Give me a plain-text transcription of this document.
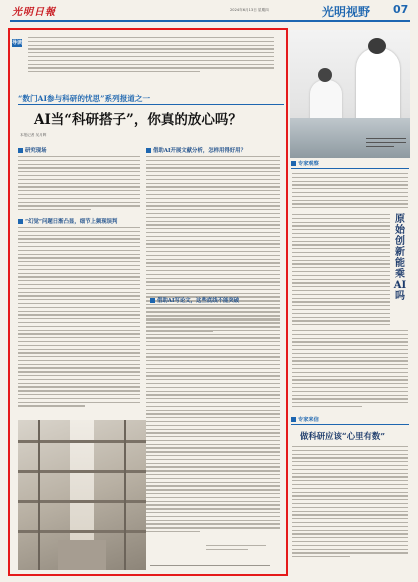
光明日報	2024年6月13日 星期四	光明视野 07
导读
“数门AI参与科研的忧思”系列报道之一
AI当“科研搭子”，你真的放心吗？
本报记者 吴月辉
研究现场
“幻觉”问题日渐凸显，细节上频现误判
借助AI开展文献分析，怎样用得好用？
借助AI写论文，这些底线不能突破
专家观察
原始创新能乘AI吗
专家来信
做科研应该“心里有数”
